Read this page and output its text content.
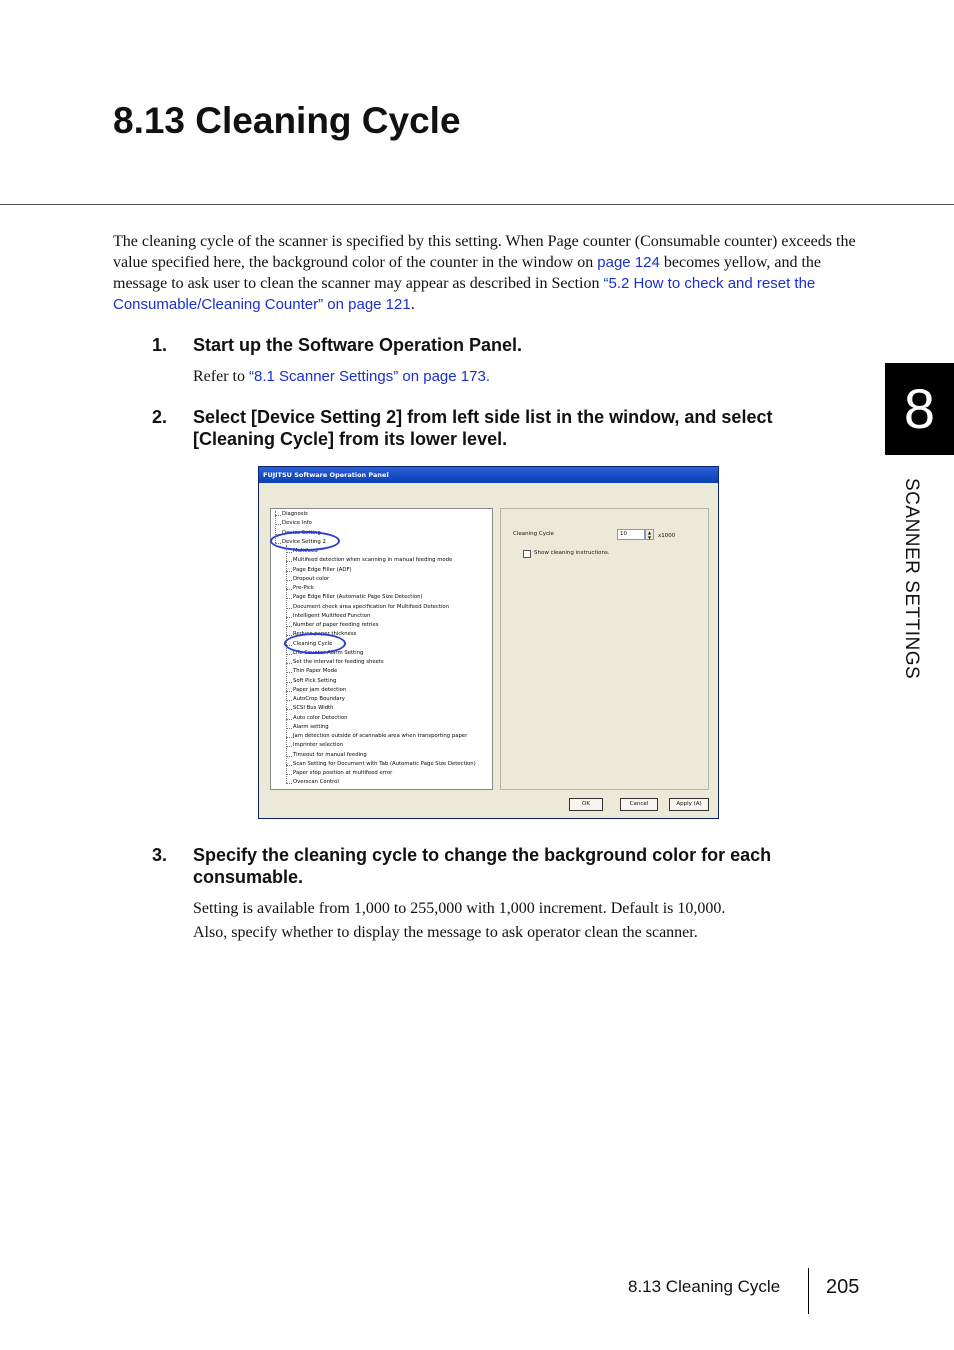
8.13 Cleaning Cycle

The cleaning cycle of the scanner is specified by this setting. When Page counter (Consumable counter) exceeds the value specified here, the background color of the counter in the window on page 124 becomes yellow, and the message to ask user to clean the scanner may appear as described in Section “5.2 How to check and reset the Consumable/Cleaning Counter” on page 121.

1. Start up the Software Operation Panel.
Refer to “8.1 Scanner Settings” on page 173.
2. Select [Device Setting 2] from left side list in the window, and select [Cleaning Cycle] from its lower level.
FUJITSU Software Operation Panel
Diagnosis
Device Info
Device Setting
Device Setting 2
Multifeed
Multifeed detection when scanning in manual feeding mode
Page Edge Filler (ADF)
Dropout color
Pre-Pick
Page Edge Filler (Automatic Page Size Detection)
Document check area specification for Multifeed Detection
Intelligent Multifeed Function
Number of paper feeding retries
Reduce paper thickness
Cleaning Cycle
Life Counter Alarm Setting
Set the interval for feeding sheets
Thin Paper Mode
Soft Pick Setting
Paper jam detection
AutoCrop Boundary
SCSI Bus Width
Auto color Detection
Alarm setting
Jam detection outside of scannable area when transporting paper
Imprinter selection
Timeout for manual feeding
Scan Setting for Document with Tab (Automatic Page Size Detection)
Paper stop position at multifeed error
Overscan Control
Cleaning Cycle	10	▲
▼	x1000
Show cleaning instructions.
OK	Cancel	Apply (A)
3. Specify the cleaning cycle to change the background color for each consumable.
Setting is available from 1,000 to 255,000 with 1,000 increment. Default is 10,000.
Also, specify whether to display the message to ask operator clean the scanner.
8
SCANNER SETTINGS
8.13 Cleaning Cycle 205
